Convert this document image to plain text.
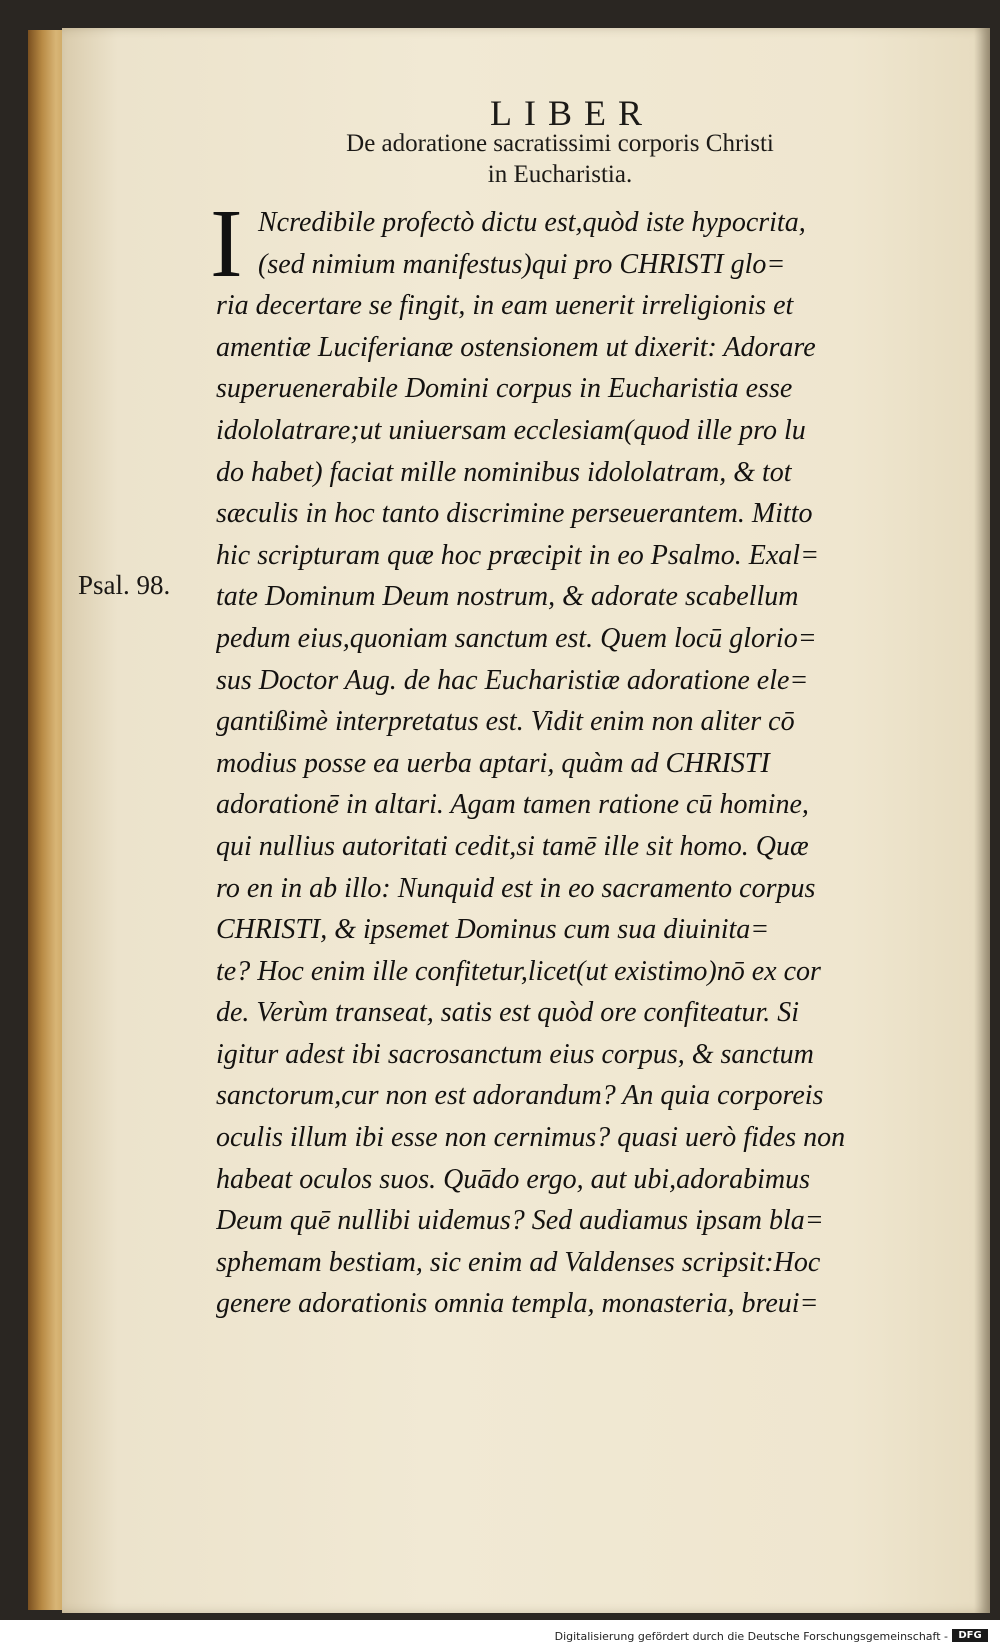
LIBER
De adoratione sacratissimi corporis Christi
in Eucharistia.
I Ncredibile profectò dictu est,quòd iste hypocrita,
(sed nimium manifestus)qui pro CHRISTI glo=
ria decertare se fingit, in eam uenerit irreligionis et
amentiæ Luciferianæ ostensionem ut dixerit: Adorare
superuenerabile Domini corpus in Eucharistia esse
idololatrare;ut uniuersam ecclesiam(quod ille pro lu
do habet) faciat mille nominibus idololatram, & tot
sæculis in hoc tanto discrimine perseuerantem. Mitto
hic scripturam quæ hoc præcipit in eo Psalmo. Exal=
tate Dominum Deum nostrum, & adorate scabellum
pedum eius,quoniam sanctum est. Quem locū glorio=
sus Doctor Aug. de hac Eucharistiæ adoratione ele=
gantißimè interpretatus est. Vidit enim non aliter cō
modius posse ea uerba aptari, quàm ad CHRISTI
adorationē in altari. Agam tamen ratione cū homine,
qui nullius autoritati cedit,si tamē ille sit homo. Quæ
ro en in ab illo: Nunquid est in eo sacramento corpus
CHRISTI, & ipsemet Dominus cum sua diuinita=
te? Hoc enim ille confitetur,licet(ut existimo)nō ex cor
de. Verùm transeat, satis est quòd ore confiteatur. Si
igitur adest ibi sacrosanctum eius corpus, & sanctum
sanctorum,cur non est adorandum? An quia corporeis
oculis illum ibi esse non cernimus? quasi uerò fides non
habeat oculos suos. Quādo ergo, aut ubi,adorabimus
Deum quē nullibi uidemus? Sed audiamus ipsam bla=
sphemam bestiam, sic enim ad Valdenses scripsit:Hoc
genere adorationis omnia templa, monasteria, breui=
Psal. 98.
Digitalisierung gefördert durch die Deutsche Forschungsgemeinschaft -	DFG
